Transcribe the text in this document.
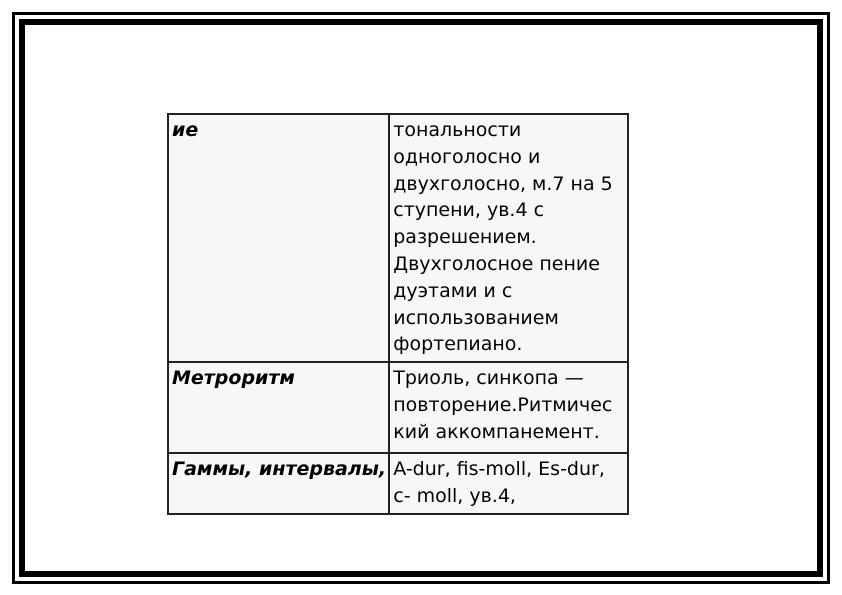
ие	тональности одноголосно и двухголосно, м.7 на 5 ступени, ув.4 с разрешением. Двухголосное пение дуэтами и с использованием фортепиано.
Метроритм	Триоль, синкопа — повторение.Ритмичес кий аккомпанемент.
Гаммы, интервалы,	A-dur, fis-moll, Es-dur, c- moll, ув.4,
